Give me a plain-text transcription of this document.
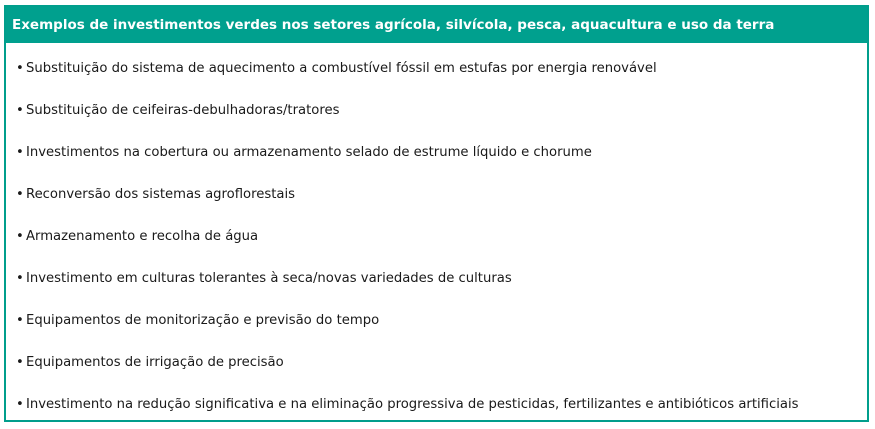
Exemplos de investimentos verdes nos setores agrícola, silvícola, pesca, aquacultura e uso da terra
• Substituição do sistema de aquecimento a combustível fóssil em estufas por energia renovável
• Substituição de ceifeiras-debulhadoras/tratores
• Investimentos na cobertura ou armazenamento selado de estrume líquido e chorume
• Reconversão dos sistemas agroflorestais
• Armazenamento e recolha de água
• Investimento em culturas tolerantes à seca/novas variedades de culturas
• Equipamentos de monitorização e previsão do tempo
• Equipamentos de irrigação de precisão
• Investimento na redução significativa e na eliminação progressiva de pesticidas, fertilizantes e antibióticos artificiais
